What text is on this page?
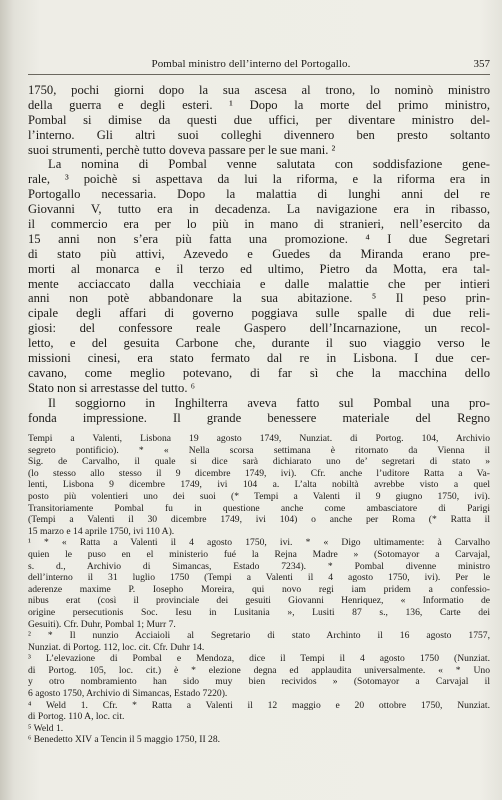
Pombal ministro dell’interno del Portogallo.	357
1750, pochi giorni dopo la sua ascesa al trono, lo nominò ministro
della guerra e degli esteri. ¹ Dopo la morte del primo ministro,
Pombal si dimise da questi due uffici, per diventare ministro del-
l’interno. Gli altri suoi colleghi divennero ben presto soltanto
suoi strumenti, perchè tutto doveva passare per le sue mani. ²
La nomina di Pombal venne salutata con soddisfazione gene-
rale, ³ poichè si aspettava da lui la riforma, e la riforma era in
Portogallo necessaria. Dopo la malattia di lunghi anni del re
Giovanni V, tutto era in decadenza. La navigazione era in ribasso,
il commercio era per lo più in mano di stranieri, nell’esercito da
15 anni non s’era più fatta una promozione. ⁴ I due Segretari
di stato più attivi, Azevedo e Guedes da Miranda erano pre-
morti al monarca e il terzo ed ultimo, Pietro da Motta, era tal-
mente acciaccato dalla vecchiaia e dalle malattie che per intieri
anni non potè abbandonare la sua abitazione. ⁵ Il peso prin-
cipale degli affari di governo poggiava sulle spalle di due reli-
giosi: del confessore reale Gaspero dell’Incarnazione, un recol-
letto, e del gesuita Carbone che, durante il suo viaggio verso le
missioni cinesi, era stato fermato dal re in Lisbona. I due cer-
cavano, come meglio potevano, di far sì che la macchina dello
Stato non si arrestasse del tutto. ⁶
Il soggiorno in Inghilterra aveva fatto sul Pombal una pro-
fonda impressione. Il grande benessere materiale del Regno
Tempi a Valenti, Lisbona 19 agosto 1749, Nunziat. di Portog. 104, Archivio
segreto pontificio). * « Nella scorsa settimana è ritornato da Vienna il
Sig. de Carvalho, il quale si dice sarà dichiarato uno de’ segretari di stato »
(lo stesso allo stesso il 9 dicembre 1749, ivi). Cfr. anche l’uditore Ratta a Va-
lenti, Lisbona 9 dicembre 1749, ivi 104 a. L’alta nobiltà avrebbe visto a quel
posto più volentieri uno dei suoi (* Tempi a Valenti il 9 giugno 1750, ivi).
Transitoriamente Pombal fu in questione anche come ambasciatore di Parigi
(Tempi a Valenti il 30 dicembre 1749, ivi 104) o anche per Roma (* Ratta il
15 marzo e 14 aprile 1750, ivi 110 A).
¹ * « Ratta a Valenti il 4 agosto 1750, ivi. * « Digo ultimamente: à Carvalho
quien le puso en el ministerio fué la Rejna Madre » (Sotomayor a Carvajal,
s. d., Archivio di Simancas, Estado 7234). * Pombal divenne ministro
dell’interno il 31 luglio 1750 (Tempi a Valenti il 4 agosto 1750, ivi). Per le
aderenze maxime P. Iosepho Moreira, qui novo regi iam pridem a confessio-
nibus erat (così il provinciale dei gesuiti Giovanni Henriquez, « Informatio de
origine persecutionis Soc. Iesu in Lusitania », Lusiti 87 s., 136, Carte dei
Gesuiti). Cfr. Duhr, Pombal 1; Murr 7.
² * Il nunzio Acciaioli al Segretario di stato Archinto il 16 agosto 1757,
Nunziat. di Portog. 112, loc. cit. Cfr. Duhr 14.
³ L’elevazione di Pombal e Mendoza, dice il Tempi il 4 agosto 1750 (Nunziat.
di Portog. 105, loc. cit.) è * elezione degna ed applaudita universalmente. « * Uno
y otro nombramiento han sido muy bien recividos » (Sotomayor a Carvajal il
6 agosto 1750, Archivio di Simancas, Estado 7220).
⁴ Weld 1. Cfr. * Ratta a Valenti il 12 maggio e 20 ottobre 1750, Nunziat.
di Portog. 110 A, loc. cit.
⁵ Weld 1.
⁶ Benedetto XIV a Tencin il 5 maggio 1750, II 28.
